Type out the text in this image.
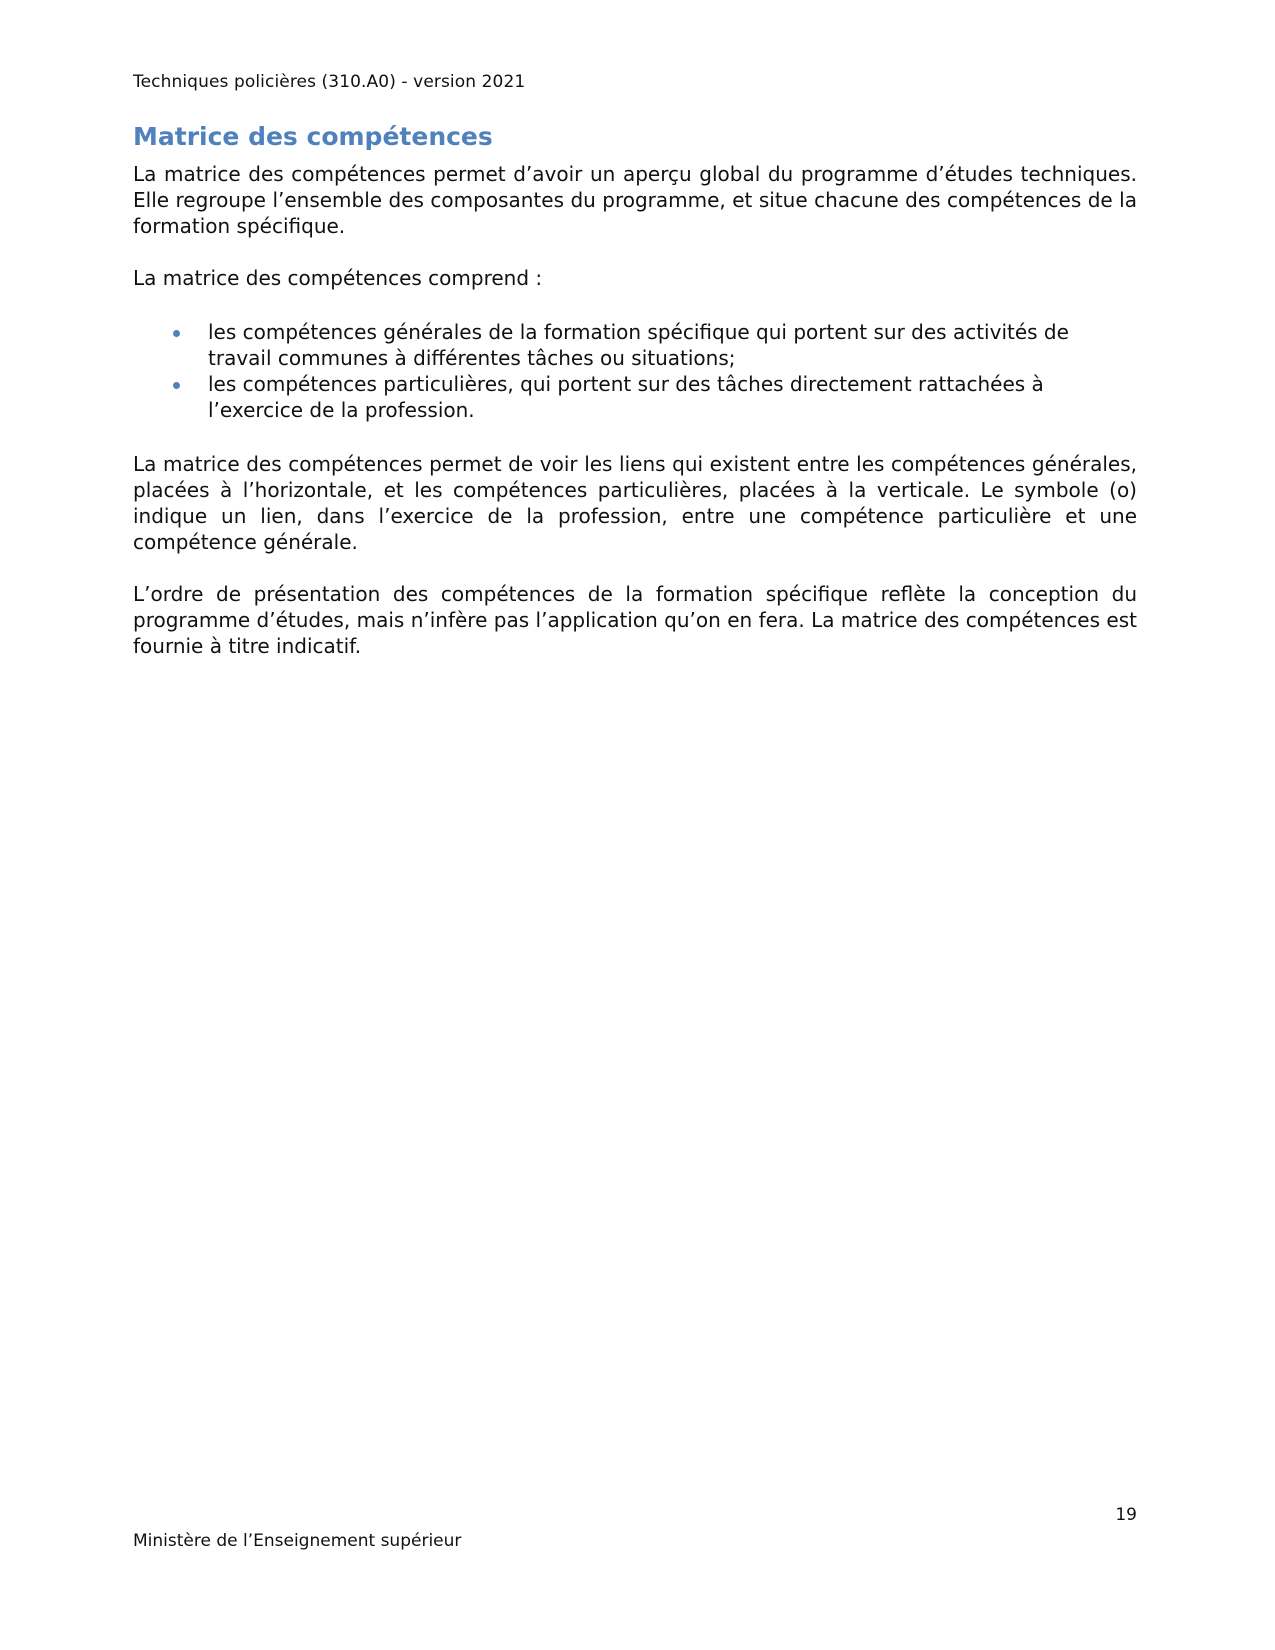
Techniques policières (310.A0) - version 2021
Matrice des compétences

La matrice des compétences permet d’avoir un aperçu global du programme d’études techniques. Elle regroupe l’ensemble des composantes du programme, et situe chacune des compétences de la formation spécifique.

La matrice des compétences comprend :

les compétences générales de la formation spécifique qui portent sur des activités de travail communes à différentes tâches ou situations;
les compétences particulières, qui portent sur des tâches directement rattachées à l’exercice de la profession.

La matrice des compétences permet de voir les liens qui existent entre les compétences générales, placées à l’horizontale, et les compétences particulières, placées à la verticale. Le symbole (o) indique un lien, dans l’exercice de la profession, entre une compétence particulière et une compétence générale.

L’ordre de présentation des compétences de la formation spécifique reflète la conception du programme d’études, mais n’infère pas l’application qu’on en fera. La matrice des compétences est fournie à titre indicatif.

19
Ministère de l’Enseignement supérieur
